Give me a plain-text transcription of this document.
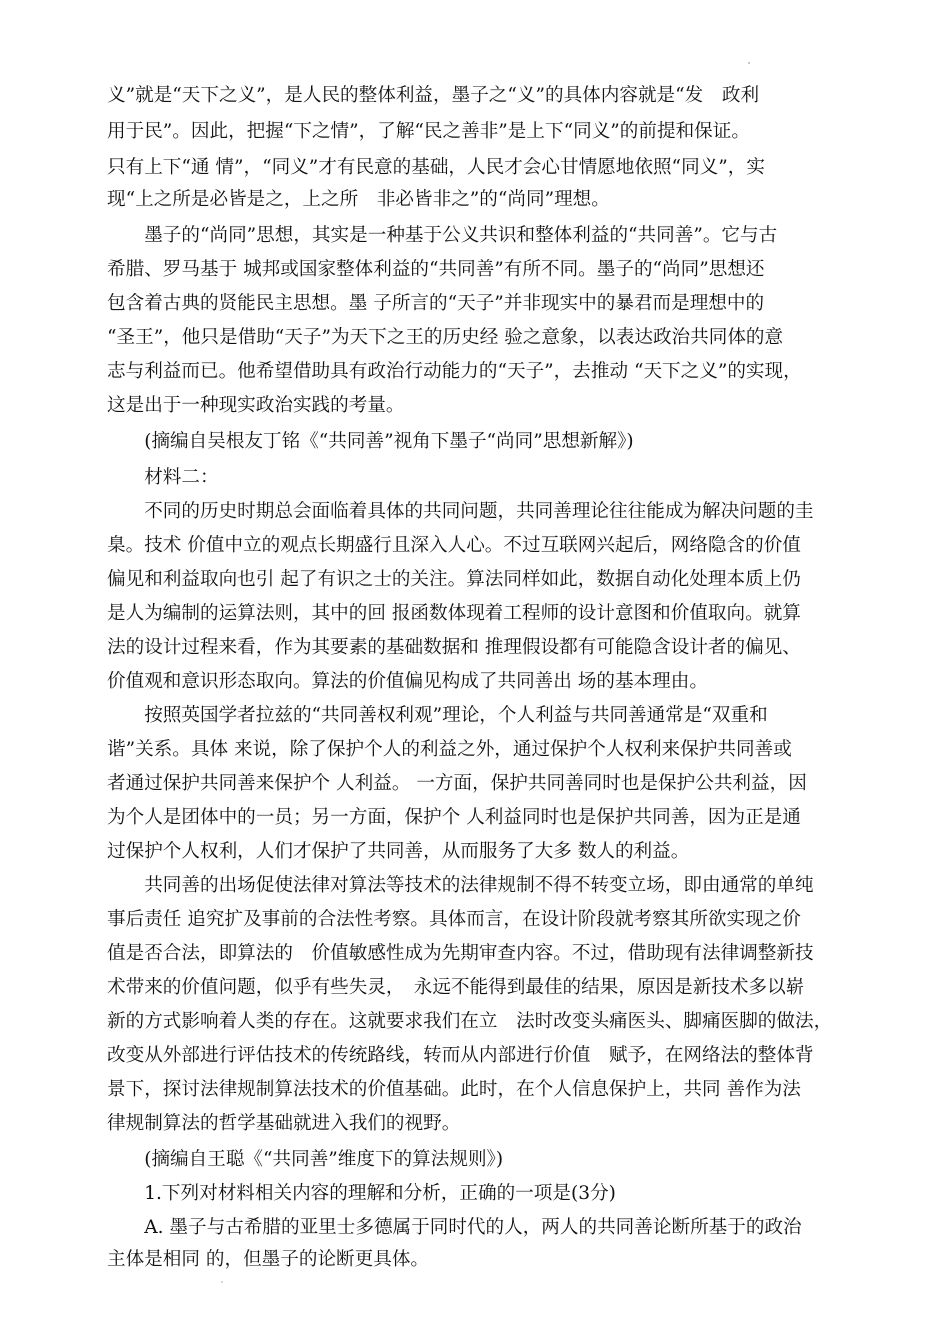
义”就是“天下之义”，是人民的整体利益，墨子之“义”的具体内容就是“发　政利
用于民”。因此，把握“下之情”，了解“民之善非”是上下“同义”的前提和保证。
只有上下“通 情”，“同义”才有民意的基础，人民才会心甘情愿地依照“同义”，实
现“上之所是必皆是之，上之所　非必皆非之”的“尚同”理想。
　　墨子的“尚同”思想，其实是一种基于公义共识和整体利益的“共同善”。它与古
希腊、罗马基于 城邦或国家整体利益的“共同善”有所不同。墨子的“尚同”思想还
包含着古典的贤能民主思想。墨 子所言的“天子”并非现实中的暴君而是理想中的
“圣王”，他只是借助“天子”为天下之王的历史经 验之意象，以表达政治共同体的意
志与利益而已。他希望借助具有政治行动能力的“天子”，去推动 “天下之义”的实现，
这是出于一种现实政治实践的考量。
　　(摘编自吴根友丁铭《“共同善”视角下墨子“尚同”思想新解》)
　　材料二：
　　不同的历史时期总会面临着具体的共同问题，共同善理论往往能成为解决问题的圭
臬。技术 价值中立的观点长期盛行且深入人心。不过互联网兴起后，网络隐含的价值
偏见和利益取向也引 起了有识之士的关注。算法同样如此，数据自动化处理本质上仍
是人为编制的运算法则，其中的回 报函数体现着工程师的设计意图和价值取向。就算
法的设计过程来看，作为其要素的基础数据和 推理假设都有可能隐含设计者的偏见、
价值观和意识形态取向。算法的价值偏见构成了共同善出 场的基本理由。
　　按照英国学者拉兹的“共同善权利观”理论，个人利益与共同善通常是“双重和
谐”关系。具体 来说，除了保护个人的利益之外，通过保护个人权利来保护共同善或
者通过保护共同善来保护个 人利益。 一方面，保护共同善同时也是保护公共利益，因
为个人是团体中的一员；另一方面，保护个 人利益同时也是保护共同善，因为正是通
过保护个人权利，人们才保护了共同善，从而服务了大多 数人的利益。
　　共同善的出场促使法律对算法等技术的法律规制不得不转变立场，即由通常的单纯
事后责任 追究扩及事前的合法性考察。具体而言，在设计阶段就考察其所欲实现之价
值是否合法，即算法的　价值敏感性成为先期审查内容。不过，借助现有法律调整新技
术带来的价值问题，似乎有些失灵，　永远不能得到最佳的结果，原因是新技术多以崭
新的方式影响着人类的存在。这就要求我们在立　法时改变头痛医头、脚痛医脚的做法，
改变从外部进行评估技术的传统路线，转而从内部进行价值　赋予，在网络法的整体背
景下，探讨法律规制算法技术的价值基础。此时，在个人信息保护上，共同 善作为法
律规制算法的哲学基础就进入我们的视野。
　　(摘编自王聪《“共同善”维度下的算法规则》)
　　1.下列对材料相关内容的理解和分析，正确的一项是(3分)
　　A. 墨子与古希腊的亚里士多德属于同时代的人，两人的共同善论断所基于的政治
主体是相同 的，但墨子的论断更具体。
